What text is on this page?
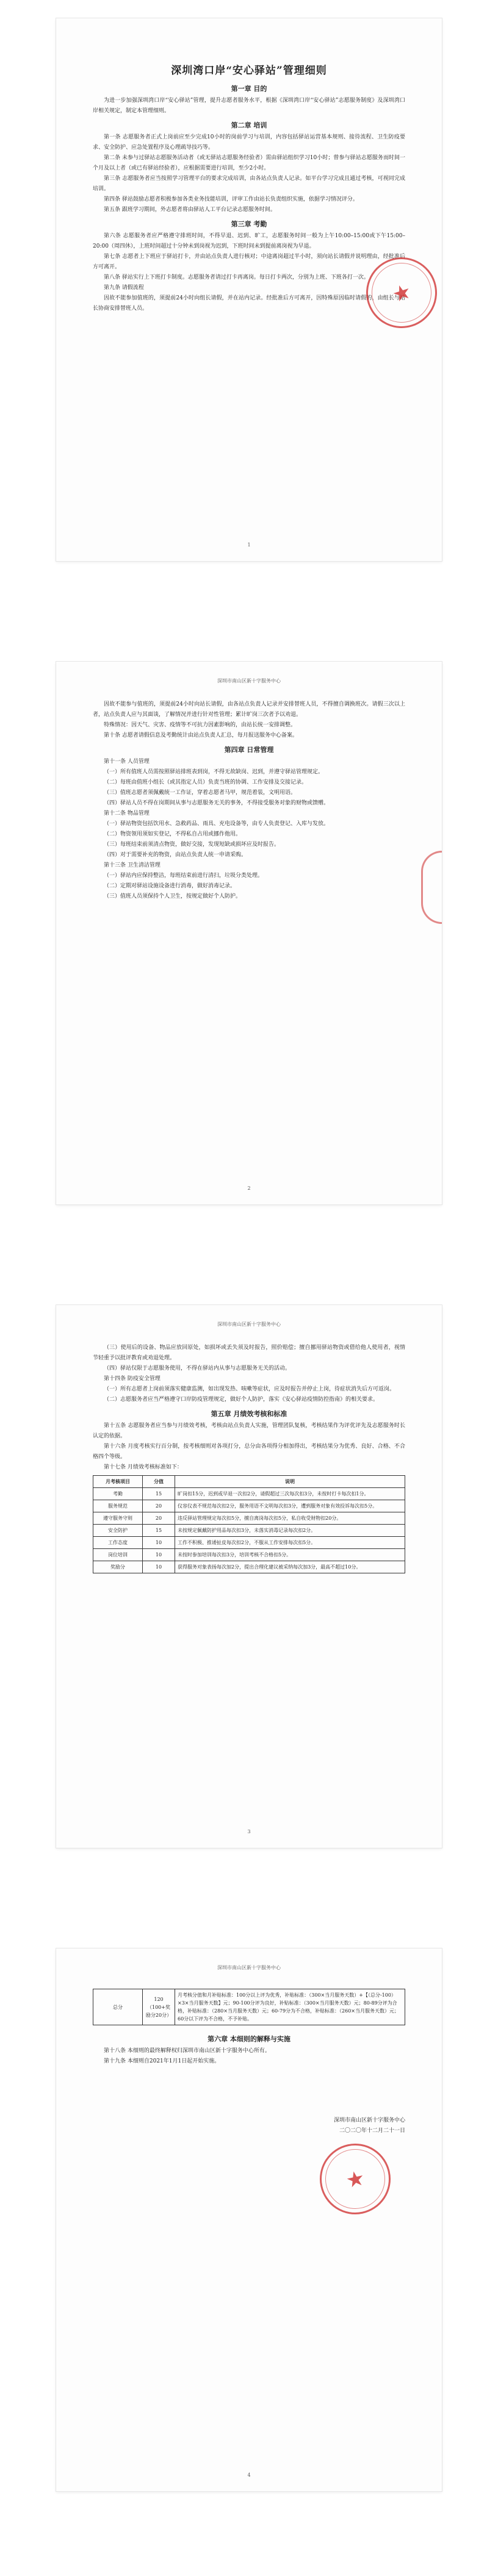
深圳湾口岸“安心驿站”管理细则
第一章 目的

为进一步加强深圳湾口岸“安心驿站”管理，提升志愿者服务水平，根据《深圳湾口岸“安心驿站”志愿服务制度》及深圳湾口岸相关规定，制定本管理细则。

第二章 培训

第一条 志愿服务者正式上岗前应至少完成10小时的岗前学习与培训，内容包括驿站运营基本规则、接待流程、卫生防疫要求、安全防护、应急处置程序及心理疏导技巧等。

第二条 未参与过驿站志愿服务活动者（或无驿站志愿服务经验者）需由驿站组织学习10小时；曾参与驿站志愿服务而时间一个月及以上者（或已有驿站经验者），应根据需要进行培训，至少2小时。

第三条 志愿服务者应当按照学习管理平台的要求完成培训，由各站点负责人记录。如平台学习完成且通过考核，可视同完成培训。

第四条 驿站鼓励志愿者积极参加各类业务技能培训，评审工作由站长负责组织实施，依据学习情况评分。

第五条 跟班学习期间，外志愿者将由驿站人工平台记录志愿服务时间。

第三章 考勤

第六条 志愿服务者应严格遵守排班时间，不得早退、迟到、旷工，志愿服务时间一般为上午10:00–15:00或下午15:00–20:00（周四休），上班时间超过十分钟未到岗视为迟到，下班时间未到提前离岗视为早退。

第七条 志愿者上下班应于驿站打卡，并由站点负责人进行核对；中途离岗超过半小时，须向站长请假并说明理由，经批准后方可离开。

第八条 驿站实行上下班打卡制度。志愿服务者请过打卡再离岗。每日打卡两次，分别为上班、下班各打一次。

第九条 请假流程

因故不能参加值班的，须提前24小时向组长请假，并在站内记录。经批准后方可离开，因特殊原因临时请假的，由组长与站长协商安排替班人员。

★
1
深圳市南山区新十字服务中心

因故不能参与值班的，须提前24小时向站长请假，由各站点负责人记录并安排替班人员，不得擅自调换班次。请假三次以上者，站点负责人应与其面谈，了解情况并进行针对性管理；累计旷岗三次者予以劝退。

特殊情况：因天气、灾害、疫情等不可抗力因素影响的，由站长统一安排调整。

第十条 志愿者请假信息及考勤统计由站点负责人汇总，每月报送服务中心备案。

第四章 日常管理

第十一条 人员管理

（一）所有值班人员需按照驿站排班表到岗，不得无故缺岗、迟到，并遵守驿站管理规定。

（二）每班由值班小组长（或其指定人员）负责当班的协调、工作安排及交接记录。

（三）值班志愿者须佩戴统一工作证，穿着志愿者马甲，规范着装，文明用语。

（四）驿站人员不得在岗期间从事与志愿服务无关的事务，不得接受服务对象的财物或馈赠。

第十二条 物品管理

（一）驿站物资包括饮用水、急救药品、雨具、充电设备等，由专人负责登记、入库与发放。

（二）物资领用须如实登记，不得私自占用或挪作他用。

（三）每班结束前须清点物资，做好交接，发现短缺或损坏应及时报告。

（四）对于需要补充的物资，由站点负责人统一申请采购。

第十三条 卫生清洁管理

（一）驿站内应保持整洁，每班结束前进行清扫，垃圾分类处理。

（二）定期对驿站设施设备进行消毒，做好消毒记录。

（三）值班人员须保持个人卫生，按规定做好个人防护。

2
深圳市南山区新十字服务中心

（三）使用后的设备、物品应放回原处，如损坏或丢失须及时报告，照价赔偿；擅自挪用驿站物资或借给他人使用者，视情节轻重予以批评教育或劝退处理。

（四）驿站仅限于志愿服务使用，不得在驿站内从事与志愿服务无关的活动。

第十四条 防疫安全管理

（一）所有志愿者上岗前须落实健康监测，如出现发热、咳嗽等症状，应及时报告并停止上岗，待症状消失后方可返岗。

（二）志愿服务者应当严格遵守口岸防疫管理规定，做好个人防护，落实《安心驿站疫情防控指南》的相关要求。

第五章 月绩效考核和标准

第十五条 志愿服务者应当参与月绩效考核，考核由站点负责人实施，管理团队复核，考核结果作为评优评先及志愿服务时长认定的依据。

第十六条 月度考核实行百分制，按考核细则对各项打分，总分由各项得分相加得出，考核结果分为优秀、良好、合格、不合格四个等级。

第十七条 月绩效考核标准如下：

月考核项目	分值	说明
考勤	15	旷岗扣15分，迟到或早退一次扣2分，请假超过三次每次扣3分，未按时打卡每次扣1分。
服务规范	20	仪容仪表不规范每次扣2分，服务用语不文明每次扣3分，遭到服务对象有效投诉每次扣5分。
遵守服务守则	20	违反驿站管理规定每次扣5分，擅自离岗每次扣5分，私自收受财物扣20分。
安全防护	15	未按规定佩戴防护用品每次扣3分，未落实消毒记录每次扣2分。
工作态度	10	工作不积极、推诿扯皮每次扣2分，不服从工作安排每次扣5分。
岗位培训	10	未按时参加培训每次扣3分，培训考核不合格扣5分。
奖励分	10	获得服务对象表扬每次加2分，提出合理化建议被采纳每次加3分，最高不超过10分。
3
深圳市南山区新十字服务中心
总分	120（100+奖励分20分）	月考核分值和月补贴标准：100分以上评为优秀，补贴标准：（300×当月服务天数）+【（总分-100）×3×当月服务天数】元；90-100分评为良好，补贴标准：（300×当月服务天数）元；80-89分评为合格，补贴标准：（280×当月服务天数）元；60-79分为不合格，补贴标准：（260×当月服务天数）元；60分以下评为不合格，不予补贴。
第六章 本细则的解释与实施

第十八条 本细则的最终解释权归深圳市南山区新十字服务中心所有。

第十九条 本细则自2021年1月1日起开始实施。

深圳市南山区新十字服务中心

二〇二〇年十二月二十一日

★
4
